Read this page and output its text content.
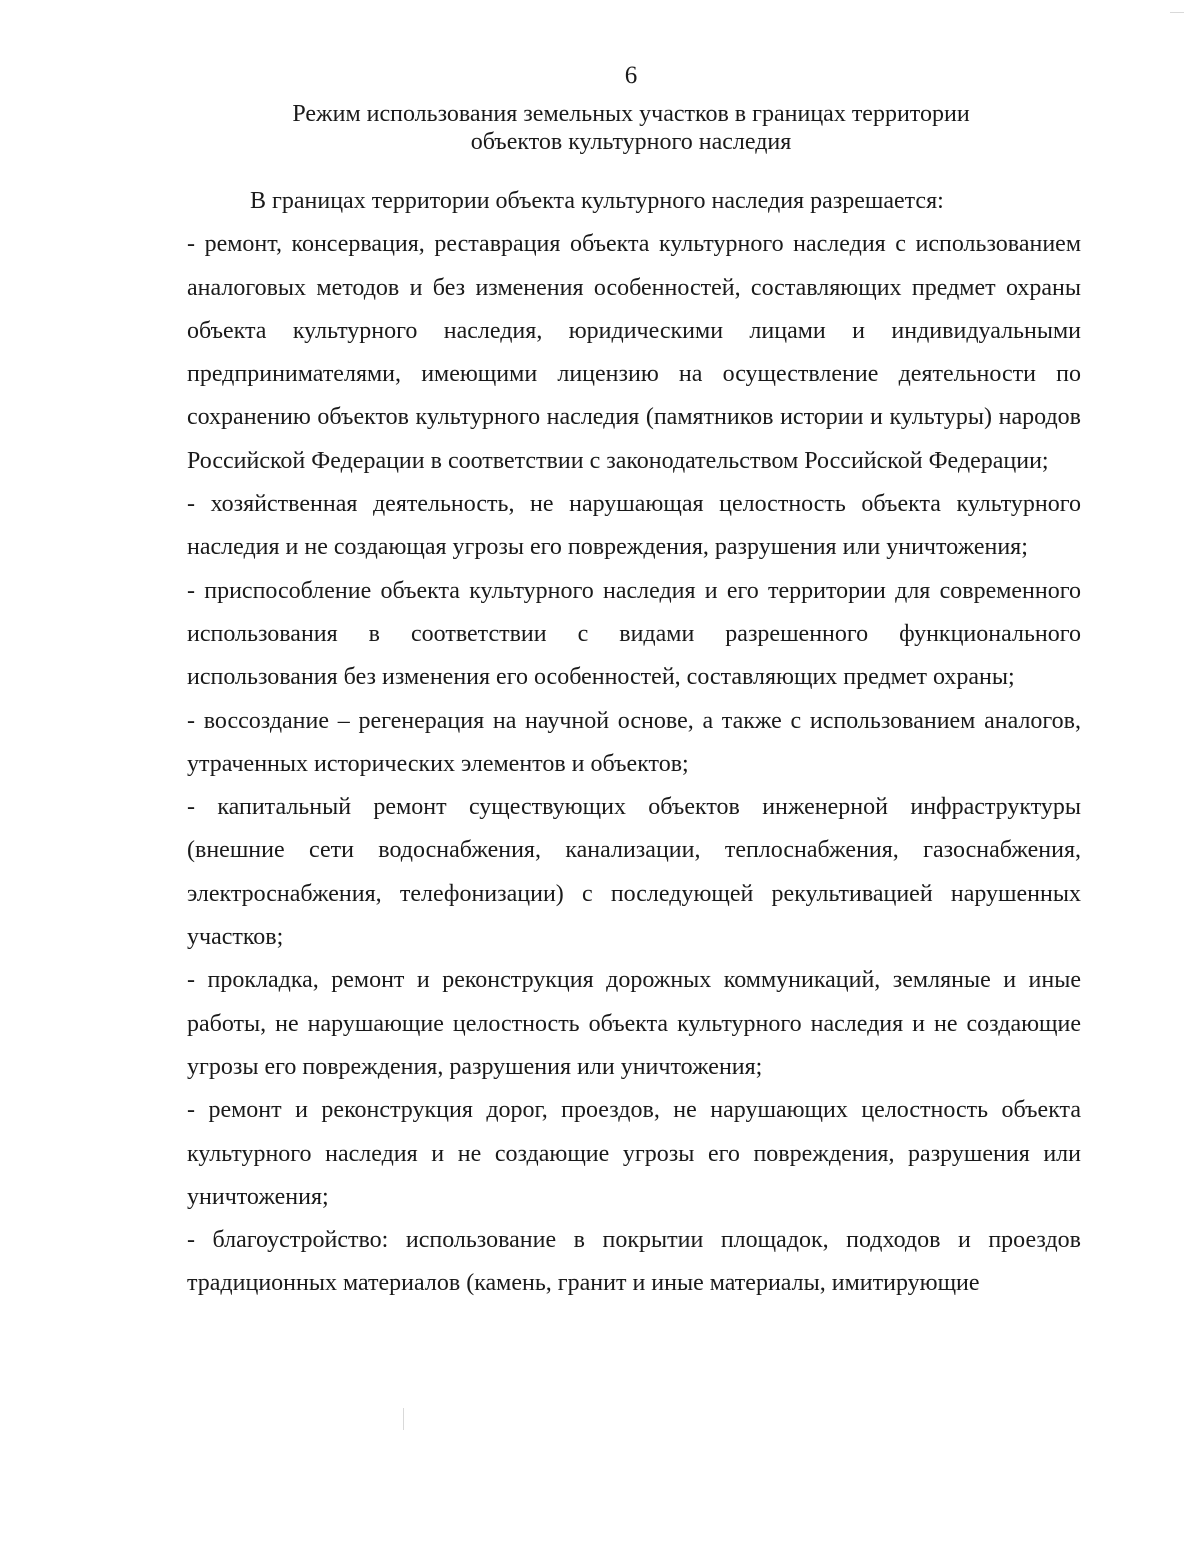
6
Режим использования земельных участков в границах территории
объектов культурного наследия

В границах территории объекта культурного наследия разрешается:

- ремонт, консервация, реставрация объекта культурного наследия с использованием аналоговых методов и без изменения особенностей, составляющих предмет охраны объекта культурного наследия, юридическими лицами и индивидуальными предпринимателями, имеющими лицензию на осуществление деятельности по сохранению объектов культурного наследия (памятников истории и культуры) народов Российской Федерации в соответствии с законодательством Российской Федерации;

- хозяйственная деятельность, не нарушающая целостность объекта культурного наследия и не создающая угрозы его повреждения, разрушения или уничтожения;

- приспособление объекта культурного наследия и его территории для современного использования в соответствии с видами разрешенного функционального использования без изменения его особенностей, составляющих предмет охраны;

- воссоздание – регенерация на научной основе, а также с использованием аналогов, утраченных исторических элементов и объектов;

- капитальный ремонт существующих объектов инженерной инфраструктуры (внешние сети водоснабжения, канализации, теплоснабжения, газоснабжения, электроснабжения, телефонизации) с последующей рекультивацией нарушенных участков;

- прокладка, ремонт и реконструкция дорожных коммуникаций, земляные и иные работы, не нарушающие целостность объекта культурного наследия и не создающие угрозы его повреждения, разрушения или уничтожения;

- ремонт и реконструкция дорог, проездов, не нарушающих целостность объекта культурного наследия и не создающие угрозы его повреждения, разрушения или уничтожения;

- благоустройство: использование в покрытии площадок, подходов и проездов традиционных материалов (камень, гранит и иные материалы, имитирующие
